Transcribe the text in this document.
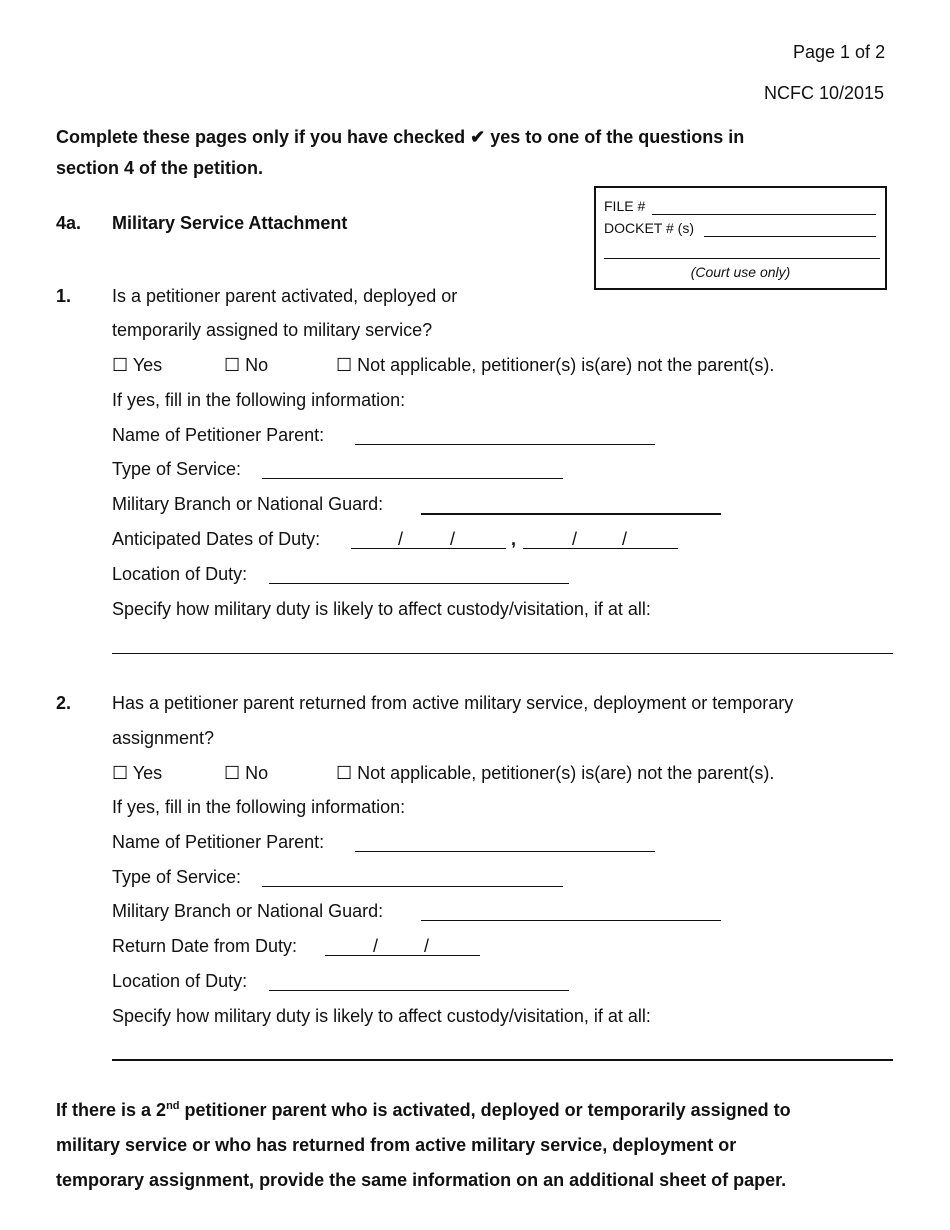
Page 1 of 2
NCFC 10/2015
Complete these pages only if you have checked ✔ yes to one of the questions in
section 4 of the petition.
FILE #
DOCKET # (s)
(Court use only)
4a. Military Service Attachment
1. Is a petitioner parent activated, deployed or
temporarily assigned to military service?
☐ Yes	☐ No	☐ Not applicable, petitioner(s) is(are) not the parent(s).
If yes, fill in the following information:
Name of Petitioner Parent:
Type of Service:
Military Branch or National Guard:
Anticipated Dates of Duty:	/	/	,	/ /
Location of Duty:
Specify how military duty is likely to affect custody/visitation, if at all:
2. Has a petitioner parent returned from active military service, deployment or temporary
assignment?
☐ Yes	☐ No	☐ Not applicable, petitioner(s) is(are) not the parent(s).
If yes, fill in the following information:
Name of Petitioner Parent:
Type of Service:
Military Branch or National Guard:
Return Date from Duty:	/	/
Location of Duty:
Specify how military duty is likely to affect custody/visitation, if at all:
If there is a 2nd petitioner parent who is activated, deployed or temporarily assigned to
military service or who has returned from active military service, deployment or
temporary assignment, provide the same information on an additional sheet of paper.
